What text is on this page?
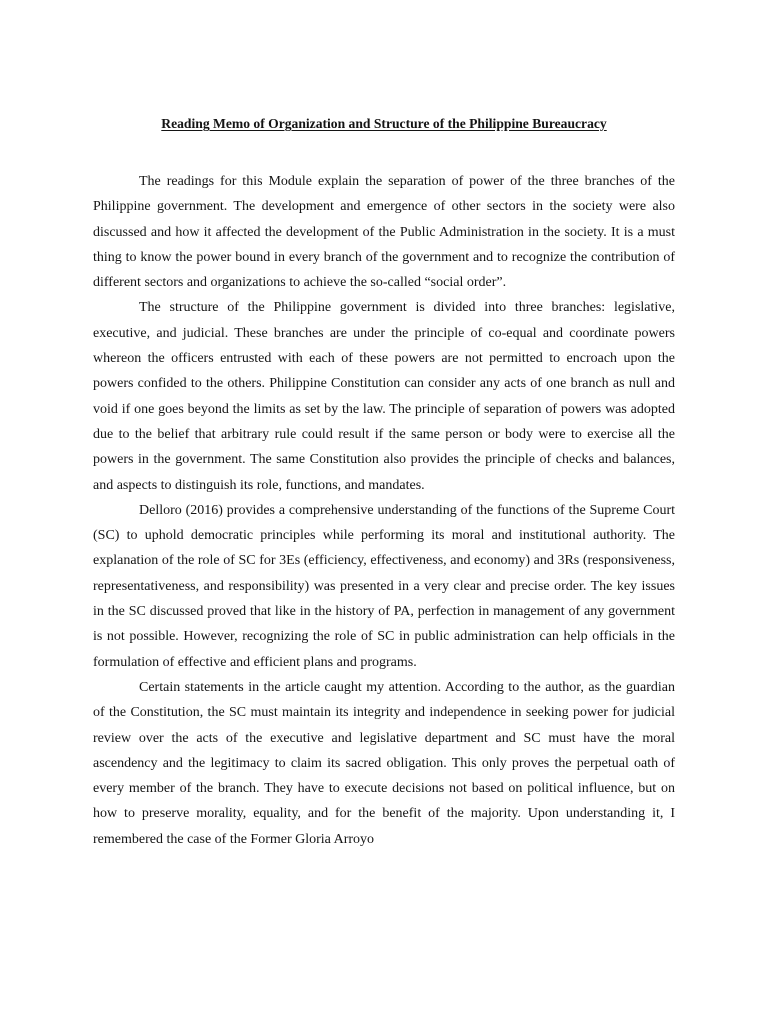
Reading Memo of Organization and Structure of the Philippine Bureaucracy

The readings for this Module explain the separation of power of the three branches of the Philippine government. The development and emergence of other sectors in the society were also discussed and how it affected the development of the Public Administration in the society. It is a must thing to know the power bound in every branch of the government and to recognize the contribution of different sectors and organizations to achieve the so-called “social order”.

The structure of the Philippine government is divided into three branches: legislative, executive, and judicial. These branches are under the principle of co-equal and coordinate powers whereon the officers entrusted with each of these powers are not permitted to encroach upon the powers confided to the others. Philippine Constitution can consider any acts of one branch as null and void if one goes beyond the limits as set by the law. The principle of separation of powers was adopted due to the belief that arbitrary rule could result if the same person or body were to exercise all the powers in the government. The same Constitution also provides the principle of checks and balances, and aspects to distinguish its role, functions, and mandates.

Delloro (2016) provides a comprehensive understanding of the functions of the Supreme Court (SC) to uphold democratic principles while performing its moral and institutional authority. The explanation of the role of SC for 3Es (efficiency, effectiveness, and economy) and 3Rs (responsiveness, representativeness, and responsibility) was presented in a very clear and precise order. The key issues in the SC discussed proved that like in the history of PA, perfection in management of any government is not possible. However, recognizing the role of SC in public administration can help officials in the formulation of effective and efficient plans and programs.

Certain statements in the article caught my attention. According to the author, as the guardian of the Constitution, the SC must maintain its integrity and independence in seeking power for judicial review over the acts of the executive and legislative department and SC must have the moral ascendency and the legitimacy to claim its sacred obligation. This only proves the perpetual oath of every member of the branch. They have to execute decisions not based on political influence, but on how to preserve morality, equality, and for the benefit of the majority. Upon understanding it, I remembered the case of the Former Gloria Arroyo
